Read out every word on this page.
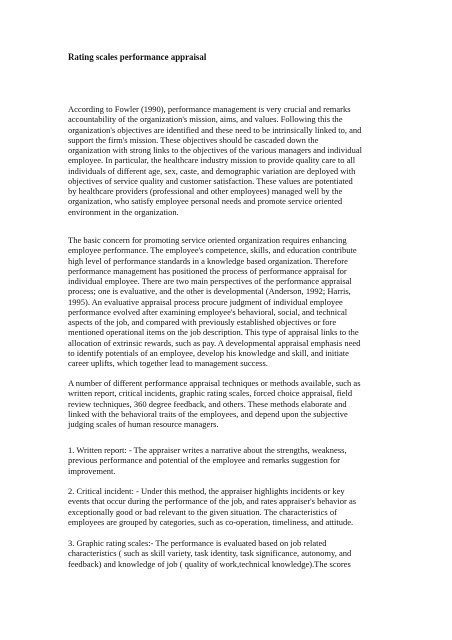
Rating scales performance appraisal

According to Fowler (1990), performance management is very crucial and remarks
accountability of the organization's mission, aims, and values. Following this the
organization's objectives are identified and these need to be intrinsically linked to, and
support the firm's mission. These objectives should be cascaded down the
organization with strong links to the objectives of the various managers and individual
employee. In particular, the healthcare industry mission to provide quality care to all
individuals of different age, sex, caste, and demographic variation are deployed with
objectives of service quality and customer satisfaction. These values are potentiated
by healthcare providers (professional and other employees) managed well by the
organization, who satisfy employee personal needs and promote service oriented
environment in the organization.

The basic concern for promoting service oriented organization requires enhancing
employee performance. The employee's competence, skills, and education contribute
high level of performance standards in a knowledge based organization. Therefore
performance management has positioned the process of performance appraisal for
individual employee. There are two main perspectives of the performance appraisal
process; one is evaluative, and the other is developmental (Anderson, 1992; Harris,
1995). An evaluative appraisal process procure judgment of individual employee
performance evolved after examining employee's behavioral, social, and technical
aspects of the job, and compared with previously established objectives or fore
mentioned operational items on the job description. This type of appraisal links to the
allocation of extrinsic rewards, such as pay. A developmental appraisal emphasis need
to identify potentials of an employee, develop his knowledge and skill, and initiate
career uplifts, which together lead to management success.

A number of different performance appraisal techniques or methods available, such as
written report, critical incidents, graphic rating scales, forced choice appraisal, field
review techniques, 360 degree feedback, and others. These methods elaborate and
linked with the behavioral traits of the employees, and depend upon the subjective
judging scales of human resource managers.

1. Written report: - The appraiser writes a narrative about the strengths, weakness,
previous performance and potential of the employee and remarks suggestion for
improvement.

2. Critical incident: - Under this method, the appraiser highlights incidents or key
events that occur during the performance of the job, and rates appraiser's behavior as
exceptionally good or bad relevant to the given situation. The characteristics of
employees are grouped by categories, such as co-operation, timeliness, and attitude.

3. Graphic rating scales:- The performance is evaluated based on job related
characteristics ( such as skill variety, task identity, task significance, autonomy, and
feedback) and knowledge of job ( quality of work,technical knowledge).The scores
